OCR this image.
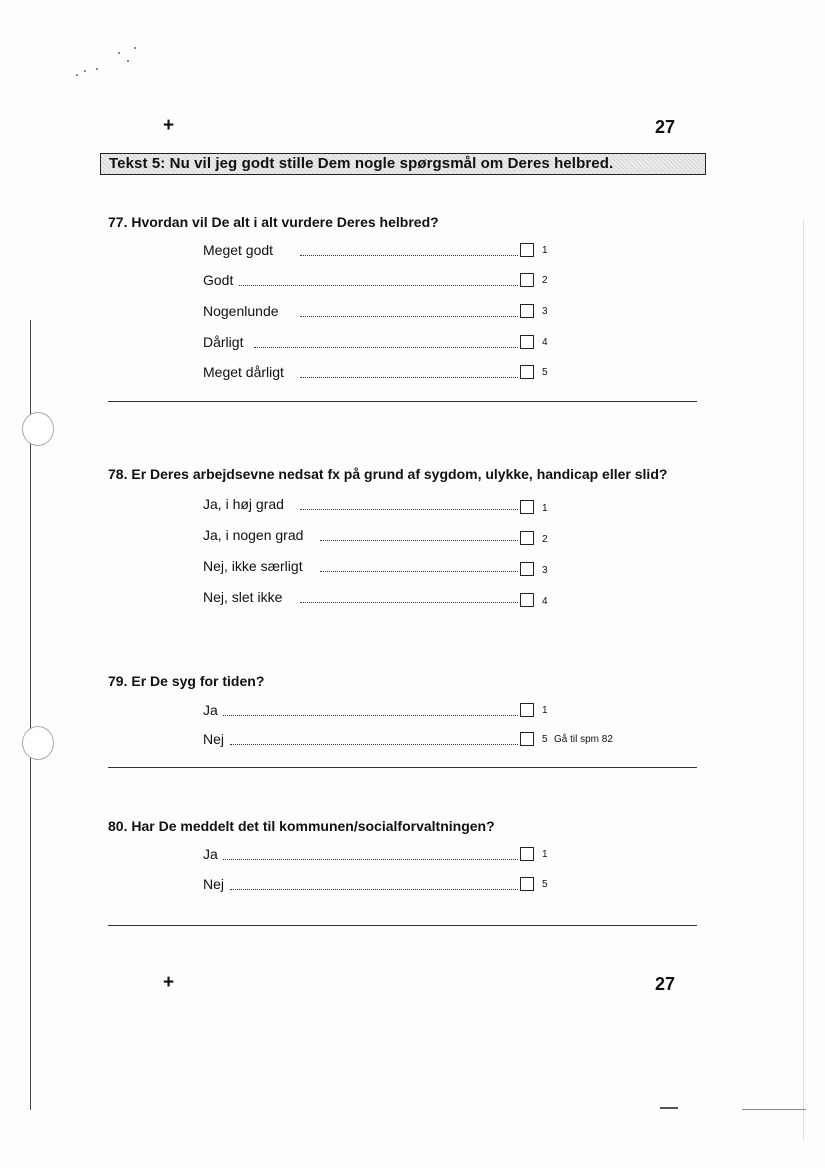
+	27
Tekst 5: Nu vil jeg godt stille Dem nogle spørgsmål om Deres helbred.
77. Hvordan vil De alt i alt vurdere Deres helbred?
Meget godt	1
Godt	2
Nogenlunde	3
Dårligt	4
Meget dårligt	5
78. Er Deres arbejdsevne nedsat fx på grund af sygdom, ulykke, handicap eller slid?
Ja, i høj grad	1
Ja, i nogen grad	2
Nej, ikke særligt	3
Nej, slet ikke	4
79. Er De syg for tiden?
Ja	1
Nej	5 Gå til spm 82
80. Har De meddelt det til kommunen/socialforvaltningen?
Ja	1
Nej	5
+	27
